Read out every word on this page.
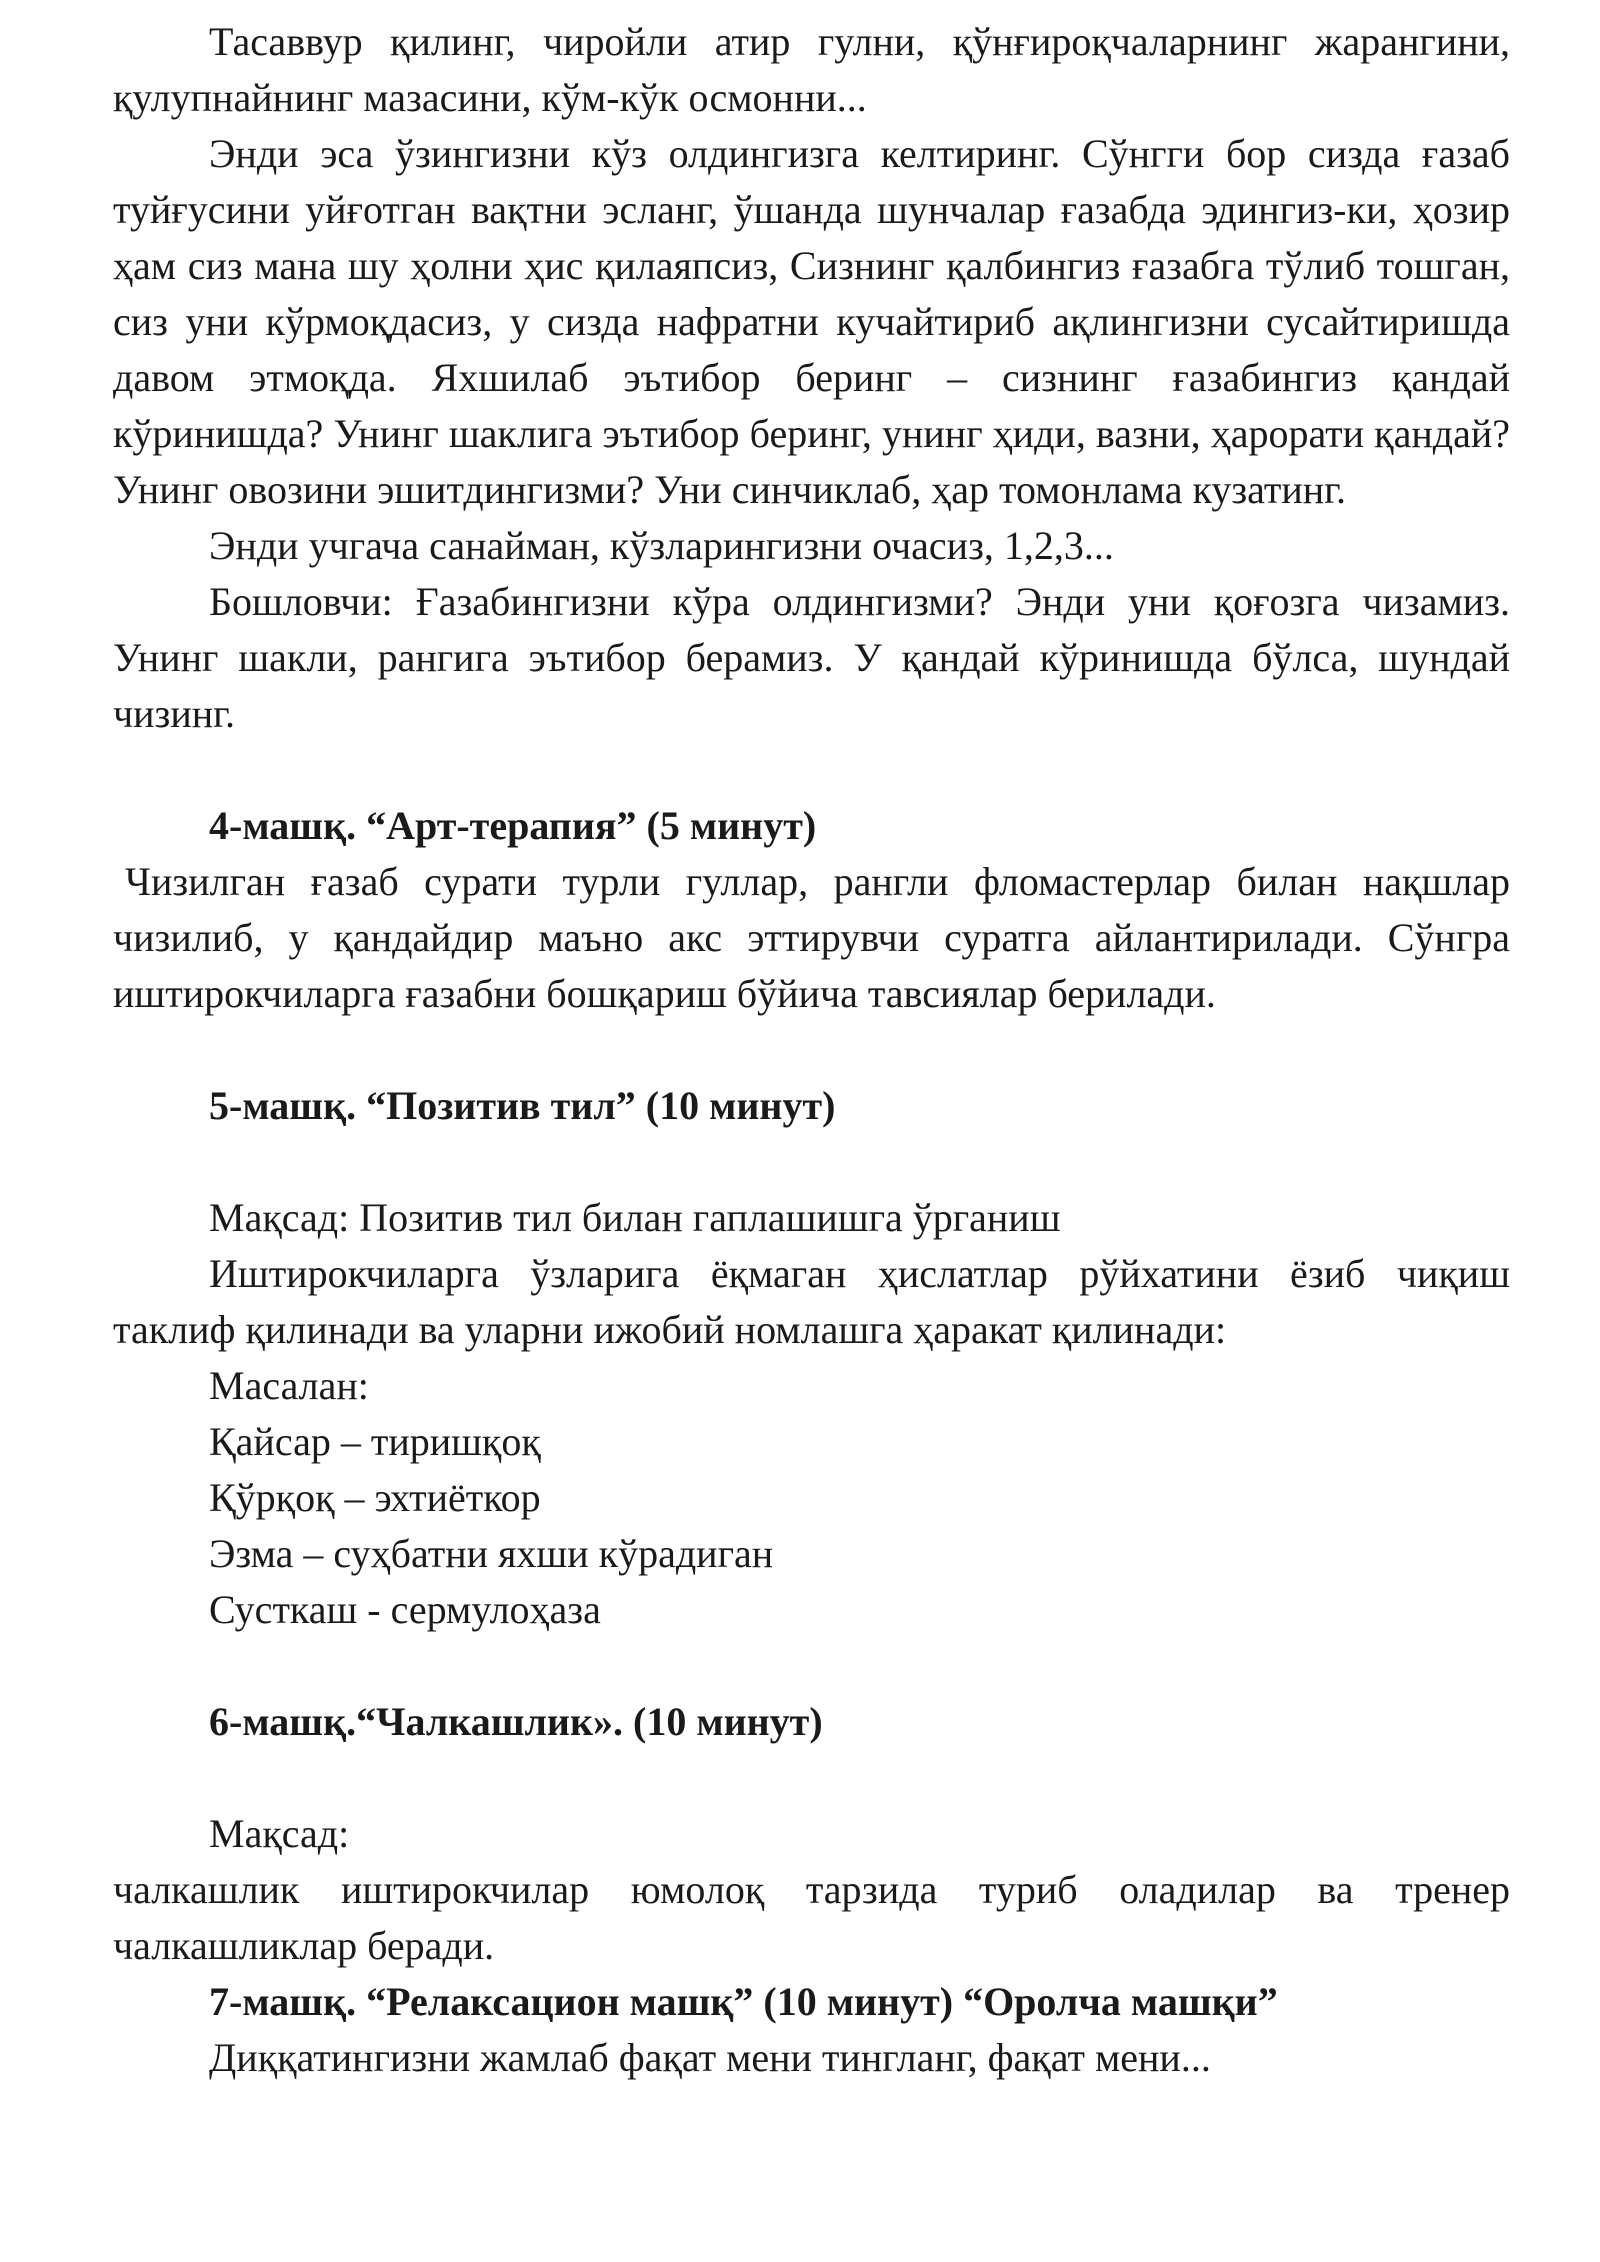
Тасаввур қилинг, чиройли атир гулни, қўнғироқчаларнинг жарангини, қулупнайнинг мазасини, кўм-кўк осмонни...

Энди эса ўзингизни кўз олдингизга келтиринг. Сўнгги бор сизда ғазаб туйғусини уйғотган вақтни эсланг, ўшанда шунчалар ғазабда эдингиз-ки, ҳозир ҳам сиз мана шу ҳолни ҳис қилаяпсиз, Сизнинг қалбингиз ғазабга тўлиб тошган, сиз уни кўрмоқдасиз, у сизда нафратни кучайтириб ақлингизни сусайтиришда давом этмоқда. Яхшилаб эътибор беринг – сизнинг ғазабингиз қандай кўринишда? Унинг шаклига эътибор беринг, унинг ҳиди, вазни, ҳарорати қандай? Унинг овозини эшитдингизми? Уни синчиклаб, ҳар томонлама кузатинг.

Энди учгача санайман, кўзларингизни очасиз, 1,2,3...

Бошловчи: Ғазабингизни кўра олдингизми? Энди уни қоғозга чизамиз. Унинг шакли, рангига эътибор берамиз. У қандай кўринишда бўлса, шундай чизинг.

4-машқ. “Арт-терапия” (5 минут)

Чизилган ғазаб сурати турли гуллар, рангли фломастерлар билан нақшлар чизилиб, у қандайдир маъно акс эттирувчи суратга айлантирилади. Сўнгра иштирокчиларга ғазабни бошқариш бўйича тавсиялар берилади.

5-машқ. “Позитив тил” (10 минут)

Мақсад: Позитив тил билан гаплашишга ўрганиш

Иштирокчиларга ўзларига ёқмаган ҳислатлар рўйхатини ёзиб чиқиш таклиф қилинади ва уларни ижобий номлашга ҳаракат қилинади:

Масалан:

Қайсар – тиришқоқ

Қўрқоқ – эхтиёткор

Эзма – суҳбатни яхши кўрадиган

Сусткаш - сермулоҳаза

6-машқ.“Чалкашлик». (10 минут)

Мақсад:

чалкашлик иштирокчилар юмолоқ тарзида туриб оладилар ва тренер чалкашликлар беради.

7-машқ. “Релаксацион машқ” (10 минут) “Оролча машқи”

Диққатингизни жамлаб фақат мени тингланг, фақат мени...
